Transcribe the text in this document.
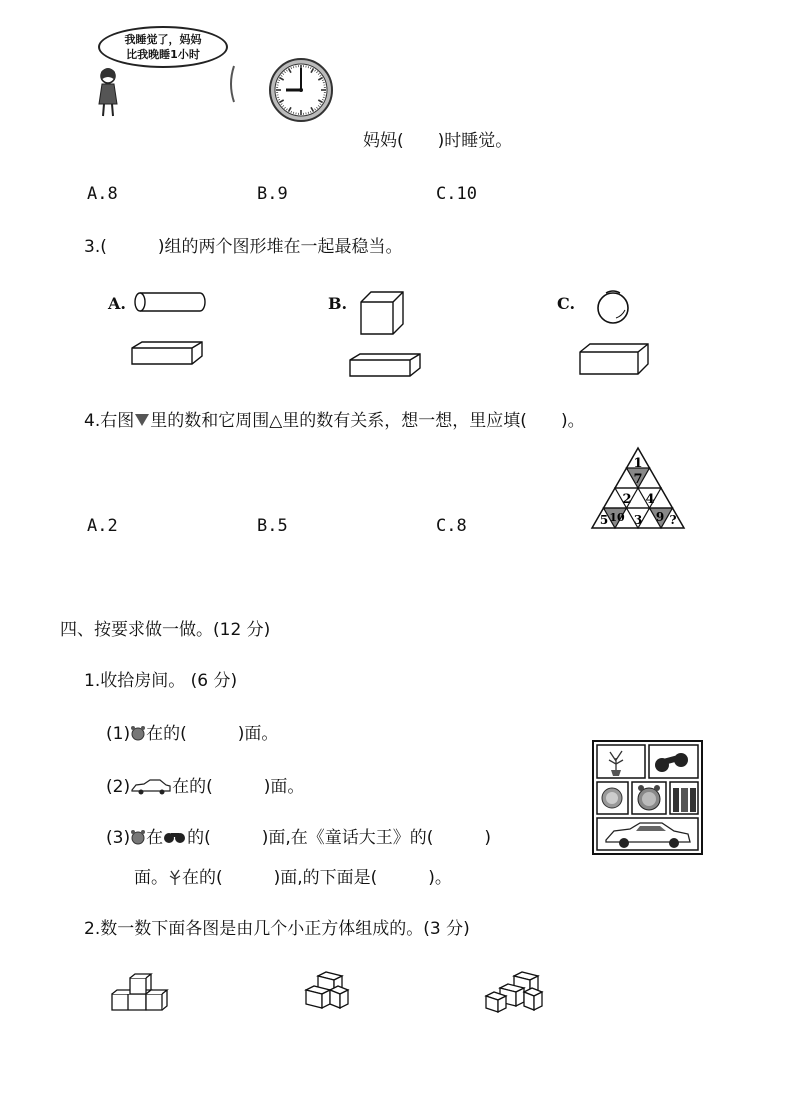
我睡觉了，妈妈
比我晚睡1小时
妈妈(　　)时睡觉。
A.8	B.9	C.10
3.(　　　)组的两个图形堆在一起最稳当。
A.	B.	C.
4.右图 里的数和它周围△里的数有关系，想一想，里应填(　　)。
A.2	B.5	C.8
1
7
2 4
5 10 3 9 ?
四、按要求做一做。(12 分)
1.收拾房间。 (6 分)
(1) 在的(　　　)面。
(2) 在的(　　　)面。
(3) 在 的(　　　)面,在《童话大王》的(　　　)
面。 在的(　　　)面,的下面是(　　　)。
2.数一数下面各图是由几个小正方体组成的。(3 分)
